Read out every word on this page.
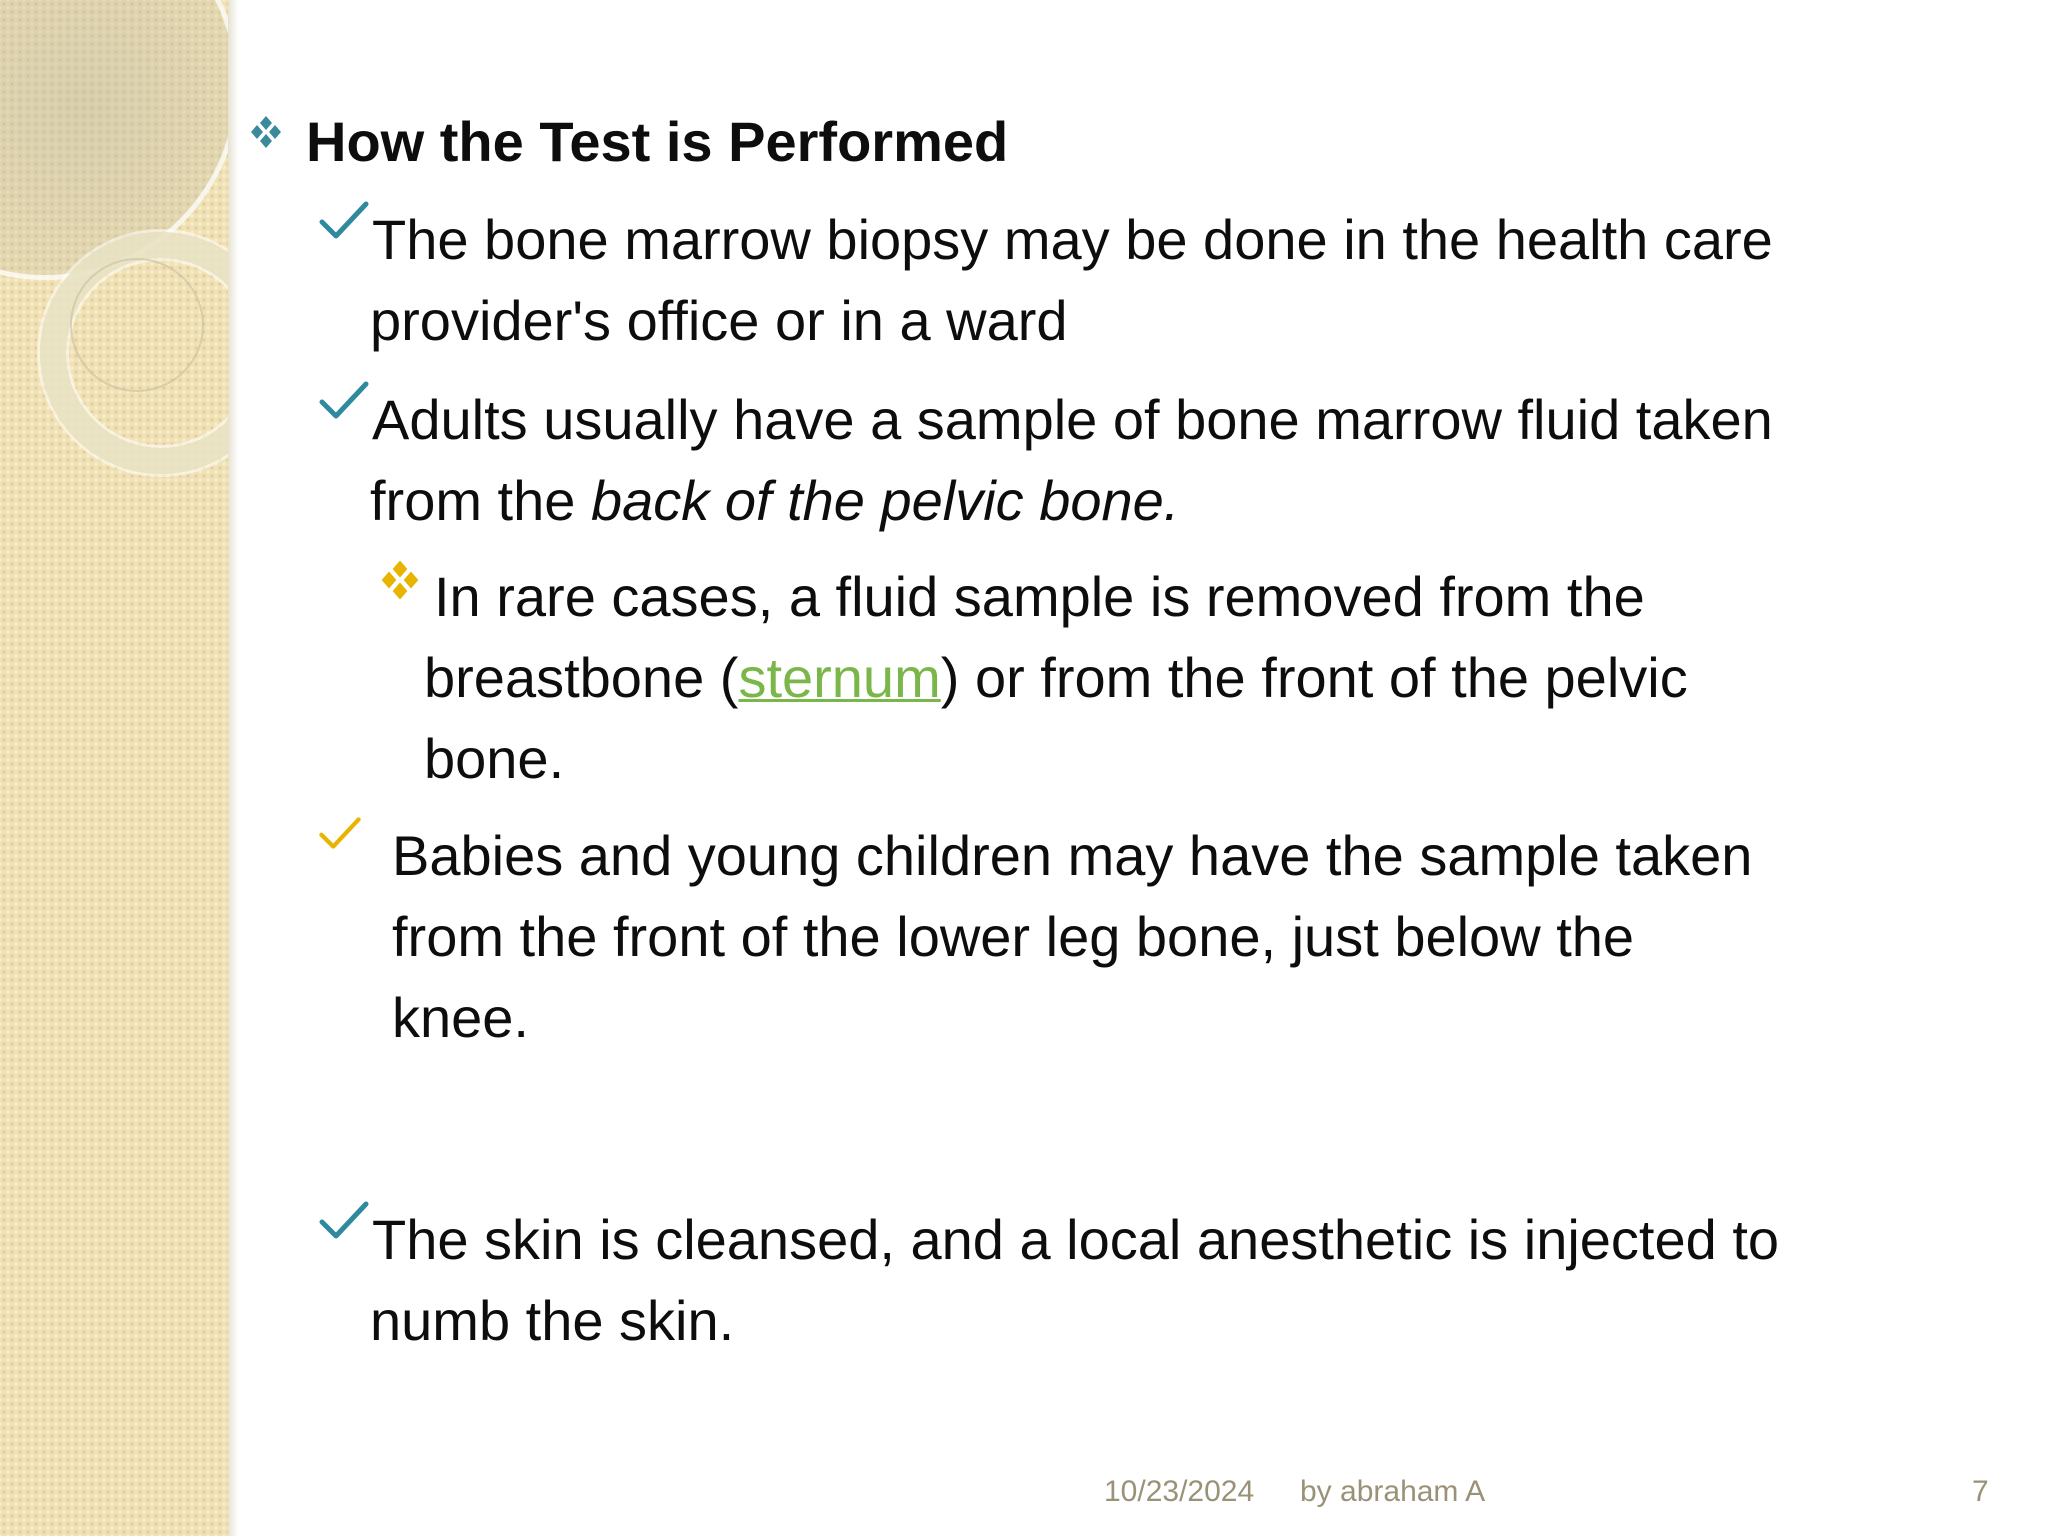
How the Test is Performed
The bone marrow biopsy may be done in the health care
provider's office or in a ward
Adults usually have a sample of bone marrow fluid taken
from the back of the pelvic bone.
In rare cases, a fluid sample is removed from the
breastbone (sternum) or from the front of the pelvic
bone.
Babies and young children may have the sample taken
from the front of the lower leg bone, just below the
knee.
The skin is cleansed, and a local anesthetic is injected to
numb the skin.
10/23/2024 by abraham A	7
